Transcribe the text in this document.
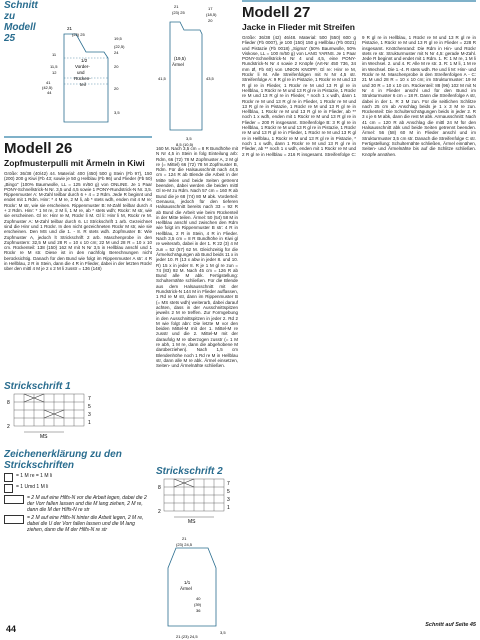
Schnitt zu Modell 25
21
(23) 25
1/2
Vorder-
und
Rücken-
teil
41
(42,5)
44
11
11,5
12
19,5
(22,5)
24
20
20
3,5
Modell 26
Zopfmusterpulli mit Ärmeln in Kiwi
Größe: 36/38 (40/42) 44. Material: 400 (450) 500 g Stein (Fb 97), 150 (200) 200 g Kiwi (Fb 43; sowie je 50 g Helblau (Fb 96) und Flieder (Fb 50) „Bingo“ (100% Baumwolle, LL = 125 m/50 g) von ONLINE. Je 1 Paar PONY-Schnellstrick-N Nr. 3,5 und 4,5 sowie 1 PONY-Rundstrick-N Nr. 3,5. Rippenmuster A: M-Zahl teilbar durch 6 + 4 = 2 Rdm. Jede R beginnt und endet mit 1 Rdm. Hinr: * 4 M re, 2 M li, ab * stets wdh, enden mit 4 M re; Rückr: M str, wie sie erscheinen. Rippenmuster B: M-Zahl teilbar durch 4 + 2 Rdm. Hinr: * 1 M re, 2 M li, 1 M re, ab * stets wdh; Rückr: M str, wie sie erscheinen. Gl re: Hinr re M, Rückr li M. Gl li: Hinr li M, Rückr re M. Zopfmuster A: M-Zahl teilbar durch 6. Lt Strickschrift 1 arb. Gezeichnet sind die Hinr und 1 Rückr. In den nicht gezeichneten Rückr M str, wie sie erscheinen. Den MS und die 1. - 8. R stets wdh. Zopfmuster B: Wie Zopfmuster A, jedoch lt Strickschrift 2 arb. Maschenprobe in den Zopfmustern: 32,5 M und 28 R = 10 x 10 cm; 22 M und 28 R = 10 x 10 cm. Rückenteil: 138 (150) 162 M mit N Nr 3,5 in Hellblau anschl und 1 Rückr re M str. Diese ist in den nachfolg Berechnungen nicht berücksichtig. Danach für den Bund wie folgt im Rippenmuster A str: 4 R in Hellblau, 2 R in Stein, dann die 4 R in Flieder, dabei in der letzten Rückr über den mittl 4 M je 2 x 2 M li zusstr = 136 (148)
Strickschrift 1
7
5
3
1
8
2
MS
Zeichenerklärung zu den Strickschriften
= 1 M re = 1 M li
= 1 Umd 1 M li
= 2 M auf eine Hilfs-N vor die Arbeit legen, dabei die 2 der Vorr fallen lassen und die M lang ziehen, 2 M re, dann die M der Hilfs-N re str
= 2 M auf eine Hilfs-N hinter die Arbeit legen, 2 M re, dabei die U der Vorr fallen lassen und die M lang ziehen, dann die M der Hilfs-N re str
21
(23) 25
(19,5)
Ärmel
17
(18,5)
20
43,5
41,5
3,5
8,5 (10,5)
160 M. Nach 3,5 cm = 8 R Bundhöhe mit N Nr 4,5 in Stein in folg Einteilung arb: Rdm, 66 (72) 78 M Zopfmuster A, 2 M gl re (= Mittel) 66 (72) 78 M Zopfmuster B, Rdm. Für die Halsausschnitt nach 44,5 cm = 124 R ab Blende die Arbeit in der Mitte teilen und beide Seiten getrennt beenden, dabei werden die beiden mittl Gl re-M zu Rdm. Nach 57 cm = 160 R ab Bund die je 68 (74) 80 M abk. Vorderteil: Genauso, jedoch für den tieferen Halsausschnitt bereits nach 33 = 92 R ab Bund die Arbeit wie beim Rückenteil in der Mitte teilen. Ärmel: 50 (54) 58 M in Hellblau anschl und zwischen den Rdm wie folgt im Rippenmuster B str: 4 R in Hellblau, 2 R in Stein, 4 R in Flieder. Nach 3,5 cm = 8 R Bundhöhe in Kiwi gl re weiterarb, dabei in der 1. R 22 (3) 4 M zun = 52 (57) 62 M. Gleichzeitig für die Ärmelschrägungen ab Bund beids 11 x in jeder 10. R (13 x abw in jeder 8. und 10. R) 15 x in jeder 8. R je 1 M gl re zun = 74 (83) 92 M. Nach 45 cm = 126 R ab Bund alle M abk. Fertigstellung: Schulternähte schließen. Für die Blende aus dem Halsausschnitt mit der Rundstrick-N 144 M in Flieder auffassen, 1 Rd re M str, dann im Rippenmuster B (= MS stets wdh) weiterarb, dabei darauf achten, dass in der Ausschnittspitzen jeweils 2 M re treffen. Zur Formgebung in den Ausschnittspitzen in jeder 2. Rd 2 M wie folgt abn: Die letzte M vor den beiden Mittel-M mit der 1. Mittel-M re zusstr und die 2. Mittel-M mit der daraufolg M re überzogen zusstr (= 1 M re abh, 1 M re, dann die abgehobene M darüberziehen). Nach 1,5 cm Blendenhöhe noch 1 Rd re M in Hellblau str, dann alle M re abk. Ärmel einsetzen, Seiten- und Ärmelnähte schließen.
Strickschrift 2
7
5
3
1
8
2
MS
21
(23) 24,5
1/1
Ärmel
40
(39)
36
3,5
21 (23) 24,5
Modell 27
Jacke in Flieder mit Streifen
Größe: 36/38 (42) 46/48. Material: 500 (550) 600 g Flieder (Fb 0007), je 100 (150) 150 g Hellblau (Fb 0021) und Pistazie (Fb 0018) „Sigma“ (50% Baumwolle, 50% Viskose, LL = 100 m/50 g) von LANG YARNS. Je 1 Paar PONY-Schnellstrick-N Nr 4 und 4,5, eine PONY-Rundstrick-N Nr 4 sowie 2 Knöpfe (Art-Nr 450 736, 34 mm Ø, Fb 60) von UNION KNOPF. Gl re: Hinr re M, Rückr li M. Alle Streifenfolgen mit N Nr 4,5 str. Streifenfolge A: 9 R gl re in Pistazie, 1 Rückr re M und 13 R gl re in Flieder, 1 Rückr re M und 13 R gl re in Hellblau, 1 Rückr re M und 13 R gl re in Pistazie, 1 Rückr re M und 13 R gl re in Flieder, * noch 1 x wdh, dann 1 Rückr re M und 13 R gl re in Flieder, 1 Rückr re M und 13 R gl re in Pistazie, 1 Rückr re M und 13 R gl re in Hellblau, 1 Rückr re M und 13 R gl re in Flieder, ab ** noch 1 x wdh, enden mit 1 Rückr re M und 13 R gl re in Flieder = 200 R insgesamt. Streifenfolge B: 3 R gl re in Hellblau, 1 Rückr re M und 13 R gl re in Pistazie, 1 Rückr re M und 13 R gl re in Flieder, 1 Rückr re M und 13 R gl re in Hellblau, 1 Rückr re M und 13 R gl re in Pistazie, * noch 1 x wdh, dann 1 Rückr re M und 13 R gl re in Flieder, ab ** noch 1 x wdh, enden mit 1 Rückr re M und 2 R gl re in Hellblau = 216 R insgesamt. Streifenfolge C: 9 R gl re in Hellblau, 1 Rückr re M und 13 R gl re in Pistazie, 1 Rückr re M und 13 R gl re in Flieder = 228 R insgesamt. Knötchenrand: Die Rdm in Hin- und Rückr stets re str. Strukturmuster mit N Nr 4,5: gerade M-Zahl. Jede R beginnt und endet mit 1 Rdm. 1. R: 1 M re, 1 M li im Wechsel. 2. und 4. R: Alle M re str. 3. R: 1 M li, 1 M re im Wechsel. Die 1.-4. R stets wdh. Re und li M: Hinr- und Rückr re M. Maschenprobe in den Streifenfolgen A - C: 21 M und 28 R = 10 x 10 cm; im Strukturmuster: 19 M und 30 R = 10 x 10 cm. Rückenteil: 88 (96) 102 M mit N Nr 4 in Flieder anschl und für den Bund im Strukturmuster 6 cm = 18 R. Dann die Streifenfolge A str, dabei in der 1. R 3 M zun. Für die seitlichen Schlitze nach 25 cm ab Anschlag beids je 1 x 3 M re zun. Rückenteil: Die Schulterschrägungen beids in jeder 2. R 3 x je 6 M abk, dann die rest M abk. Armausschnitt: Nach 41 cm = 120 R ab Anschlag die mittl 24 M für den Halsausschnitt abk und beide Seiten getrennt beenden. Ärmel: 56 (58) 60 M in Flieder anschl und im Strukturmuster 3,5 cm str. Danach die Streifenfolge C str. Fertigstellung: Schulternähte schließen, Ärmel einnähen, Seiten- und Ärmelnähte bis auf die Schlitze schließen. Knöpfe annähen.
Schnitt auf Seite 45
44
